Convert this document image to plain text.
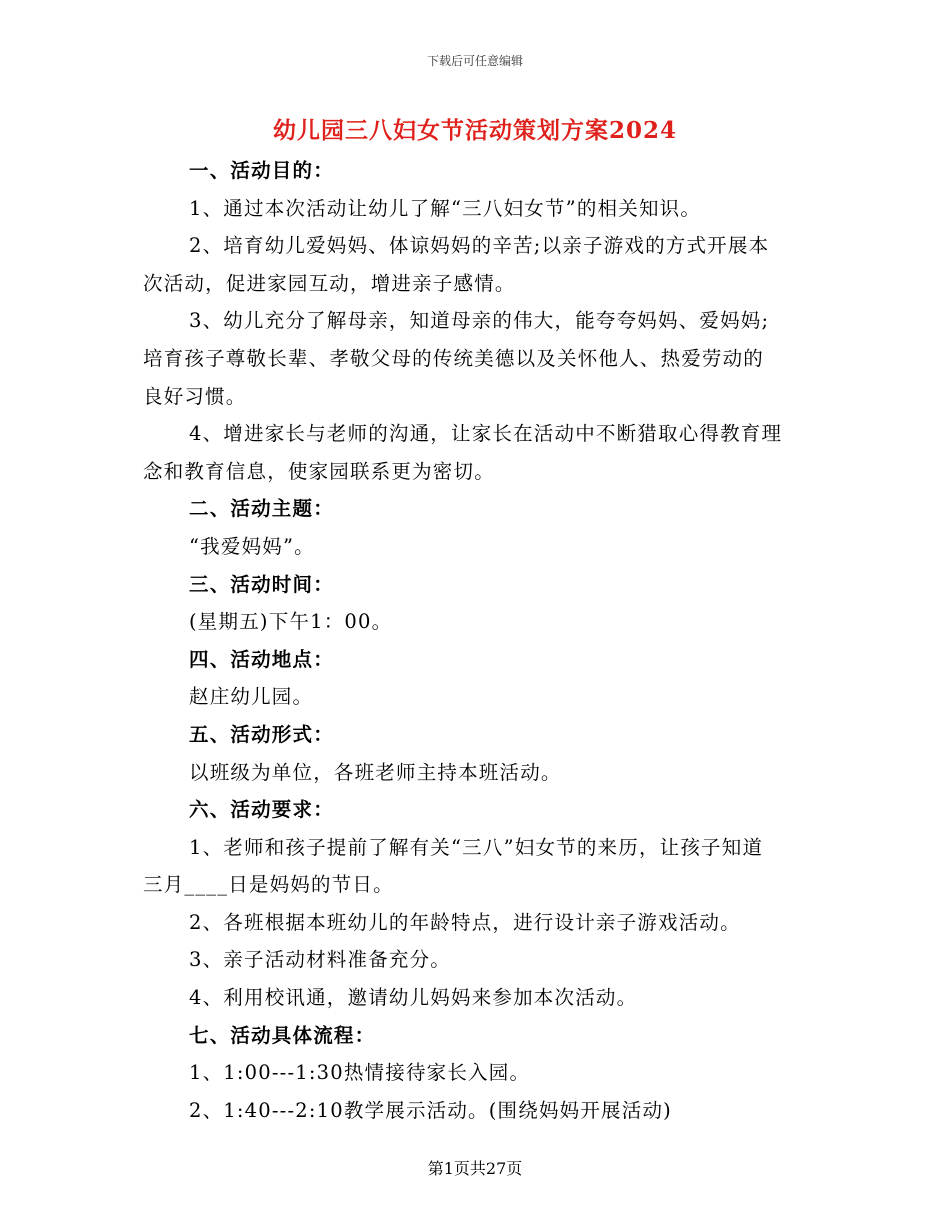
下载后可任意编辑
幼儿园三八妇女节活动策划方案2024
一、活动目的：
1、通过本次活动让幼儿了解“三八妇女节”的相关知识。
2、培育幼儿爱妈妈、体谅妈妈的辛苦;以亲子游戏的方式开展本
次活动，促进家园互动，增进亲子感情。
3、幼儿充分了解母亲，知道母亲的伟大，能夸夸妈妈、爱妈妈;
培育孩子尊敬长辈、孝敬父母的传统美德以及关怀他人、热爱劳动的
良好习惯。
4、增进家长与老师的沟通，让家长在活动中不断猎取心得教育理
念和教育信息，使家园联系更为密切。
二、活动主题：
“我爱妈妈”。
三、活动时间：
(星期五)下午1：00。
四、活动地点：
赵庄幼儿园。
五、活动形式：
以班级为单位，各班老师主持本班活动。
六、活动要求：
1、老师和孩子提前了解有关“三八”妇女节的来历，让孩子知道
三月____日是妈妈的节日。
2、各班根据本班幼儿的年龄特点，进行设计亲子游戏活动。
3、亲子活动材料准备充分。
4、利用校讯通，邀请幼儿妈妈来参加本次活动。
七、活动具体流程：
1、1:00---1:30热情接待家长入园。
2、1:40---2:10教学展示活动。(围绕妈妈开展活动)
第1页共27页
